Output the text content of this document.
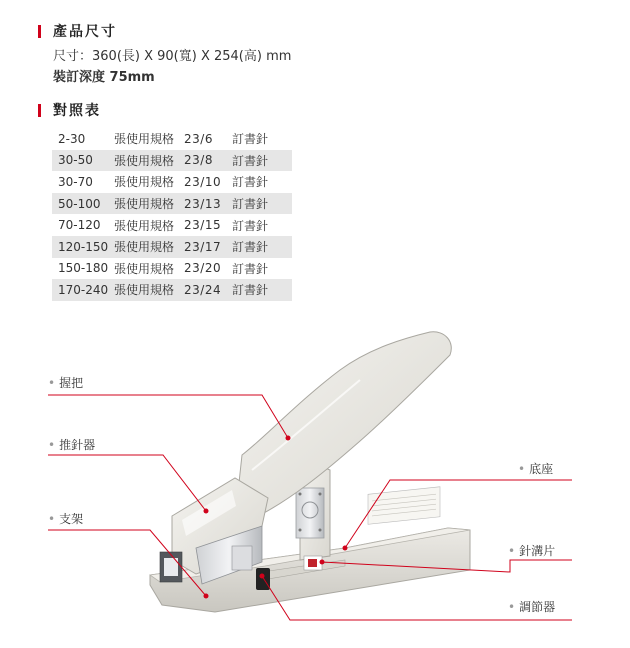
產品尺寸
尺寸：360(長) X 90(寬) X 254(高) mm
裝訂深度 75mm
對照表
2-30	張使用規格 23/6	訂書針
30-50	張使用規格 23/8	訂書針
30-70	張使用規格 23/10 訂書針
50-100	張使用規格 23/13 訂書針
70-120	張使用規格 23/15 訂書針
120-150 張使用規格 23/17 訂書針
150-180 張使用規格 23/20 訂書針
170-240 張使用規格 23/24 訂書針
• 握把
• 推針器
• 支架
• 底座
• 針溝片
• 調節器
